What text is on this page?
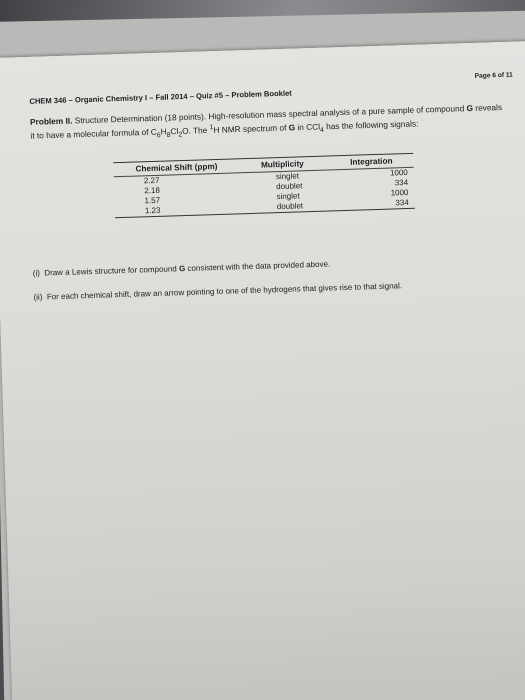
CHEM 346 – Organic Chemistry I – Fall 2014 – Quiz #5 – Problem Booklet
Page 6 of 11
Problem II. Structure Determination (18 points). High-resolution mass spectral analysis of a pure sample of compound G reveals it to have a molecular formula of $C_6H_8Cl_2O$. The $^1$H NMR spectrum of G in CCl$_4$ has the following signals:

Chemical Shift (ppm)	Multiplicity	Integration

2.27	singlet	1000
2.18	doublet	334
1.57	singlet	1000
1.23	doublet	334

(i) Draw a Lewis structure for compound G consistent with the data provided above.
(ii) For each chemical shift, draw an arrow pointing to one of the hydrogens that gives rise to that signal.
